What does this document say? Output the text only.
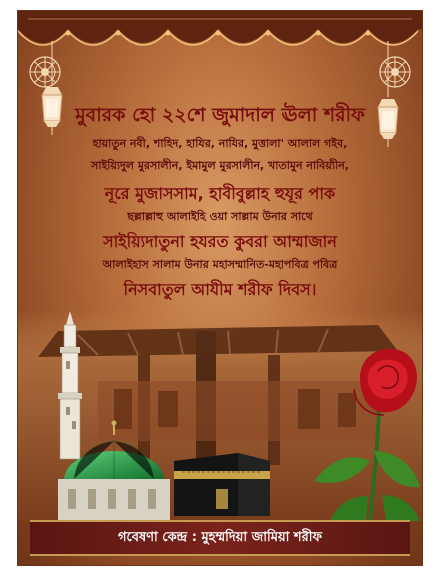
মুবারক হো ২২শে জুমাদাল ঊলা শরীফ
হায়াতুন নবী, শাহিদ, হাযির, নাযির, মুত্তালা' আলাল গইব,
সাইয়্যিদুল মুরসালীন, ইমামুল মুরসালীন, খাতামুন নাবিয়্যীন,
নূরে মুজাসসাম, হাবীবুল্লাহ হুযূর পাক
ছল্লাল্লাহু আলাইহি ওয়া সাল্লাম উনার সাথে
সাইয়্যিদাতুনা হযরত কুবরা আম্মাজান
আলাইহাস সালাম উনার মহাসম্মানিত-মহাপবিত্র পবিত্র
নিসবাতুল আযীম শরীফ দিবস।
গবেষণা কেন্দ্র : মুহম্মদিয়া জামিয়া শরীফ
